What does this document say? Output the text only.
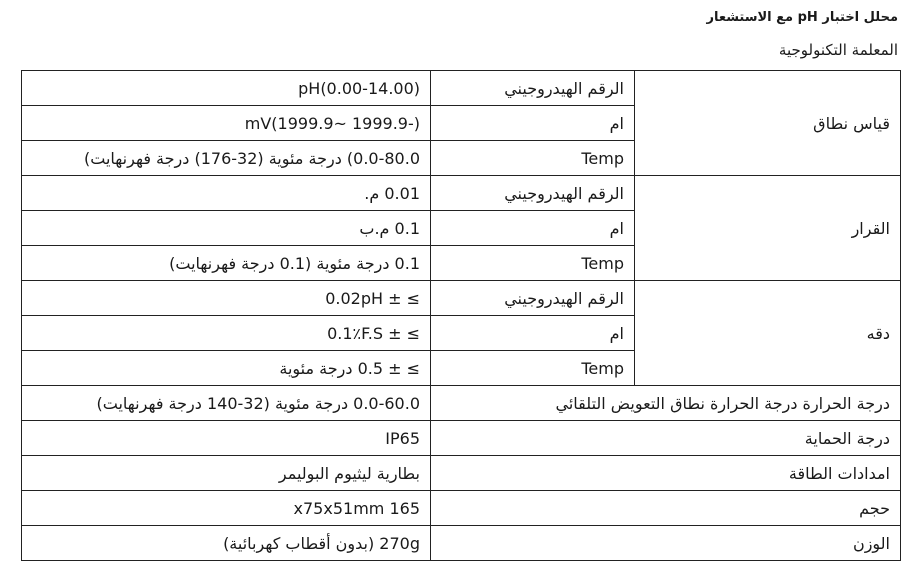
محلل اختبار pH مع الاستشعار
المعلمة التكنولوجية
pH(0.00-14.00)	الرقم الهيدروجيني	قياس نطاق
mV(1999.9~ 1999.9-)	ام	
0.0-80.0) درجة مئوية (32-176) درجة فهرنهايت)	Temp	
0.01 م.	الرقم الهيدروجيني	القرار
0.1 م.ب	ام	
0.1 درجة مئوية (0.1 درجة فهرنهايت)	Temp	
≥ ± 0.02pH	الرقم الهيدروجيني	دقه
≥ ± 0.1٪F.S	ام	
≥ ± 0.5 درجة مئوية	Temp	
0.0-60.0 درجة مئوية (32-140 درجة فهرنهايت)	درجة الحرارة درجة الحرارة نطاق التعويض التلقائي	
IP65	درجة الحماية	
بطارية ليثيوم البوليمر	امدادات الطاقة	
165 x75x51mm	حجم	
270g (بدون أقطاب كهربائية)	الوزن	
